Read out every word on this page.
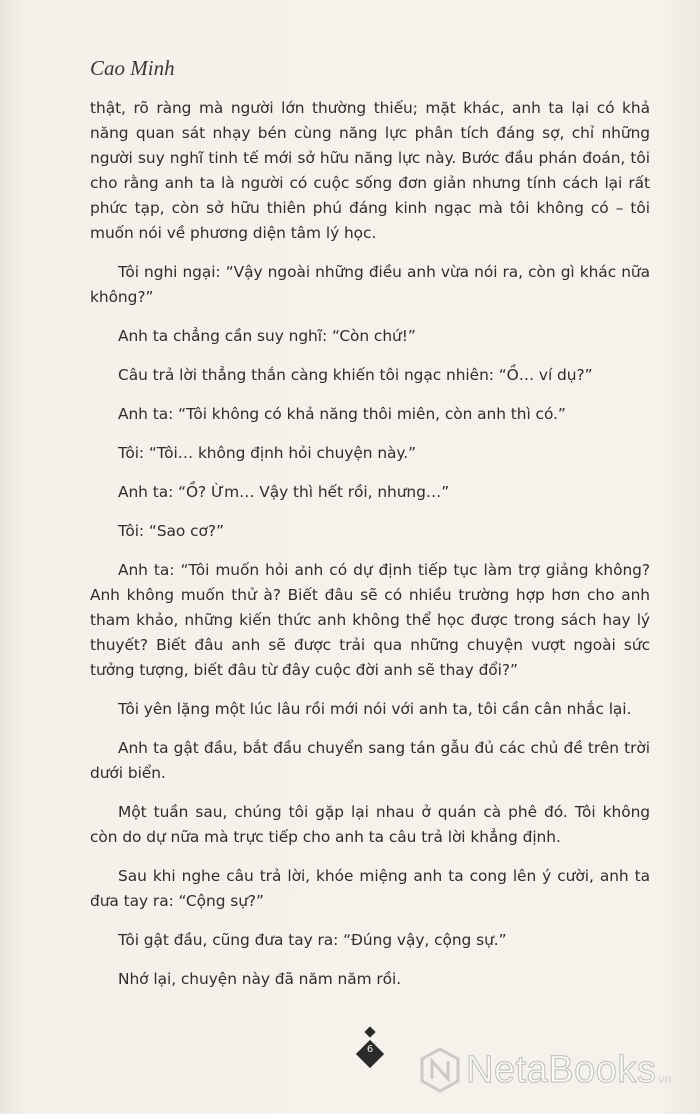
Cao Minh

thật, rõ ràng mà người lớn thường thiếu; mặt khác, anh ta lại có khả năng quan sát nhạy bén cùng năng lực phân tích đáng sợ, chỉ những người suy nghĩ tinh tế mới sở hữu năng lực này. Bước đầu phán đoán, tôi cho rằng anh ta là người có cuộc sống đơn giản nhưng tính cách lại rất phức tạp, còn sở hữu thiên phú đáng kinh ngạc mà tôi không có – tôi muốn nói về phương diện tâm lý học.

Tôi nghi ngại: “Vậy ngoài những điều anh vừa nói ra, còn gì khác nữa không?”

Anh ta chẳng cần suy nghĩ: “Còn chứ!”

Câu trả lời thẳng thắn càng khiến tôi ngạc nhiên: “Ồ… ví dụ?”

Anh ta: “Tôi không có khả năng thôi miên, còn anh thì có.”

Tôi: “Tôi… không định hỏi chuyện này.”

Anh ta: “Ồ? Ừm… Vậy thì hết rồi, nhưng…”

Tôi: “Sao cơ?”

Anh ta: “Tôi muốn hỏi anh có dự định tiếp tục làm trợ giảng không? Anh không muốn thử à? Biết đâu sẽ có nhiều trường hợp hơn cho anh tham khảo, những kiến thức anh không thể học được trong sách hay lý thuyết? Biết đâu anh sẽ được trải qua những chuyện vượt ngoài sức tưởng tượng, biết đâu từ đây cuộc đời anh sẽ thay đổi?”

Tôi yên lặng một lúc lâu rồi mới nói với anh ta, tôi cần cân nhắc lại.

Anh ta gật đầu, bắt đầu chuyển sang tán gẫu đủ các chủ đề trên trời dưới biển.

Một tuần sau, chúng tôi gặp lại nhau ở quán cà phê đó. Tôi không còn do dự nữa mà trực tiếp cho anh ta câu trả lời khẳng định.

Sau khi nghe câu trả lời, khóe miệng anh ta cong lên ý cười, anh ta đưa tay ra: “Cộng sự?”

Tôi gật đầu, cũng đưa tay ra: “Đúng vậy, cộng sự.”

Nhớ lại, chuyện này đã năm năm rồi.

6 NetaBooks vn
